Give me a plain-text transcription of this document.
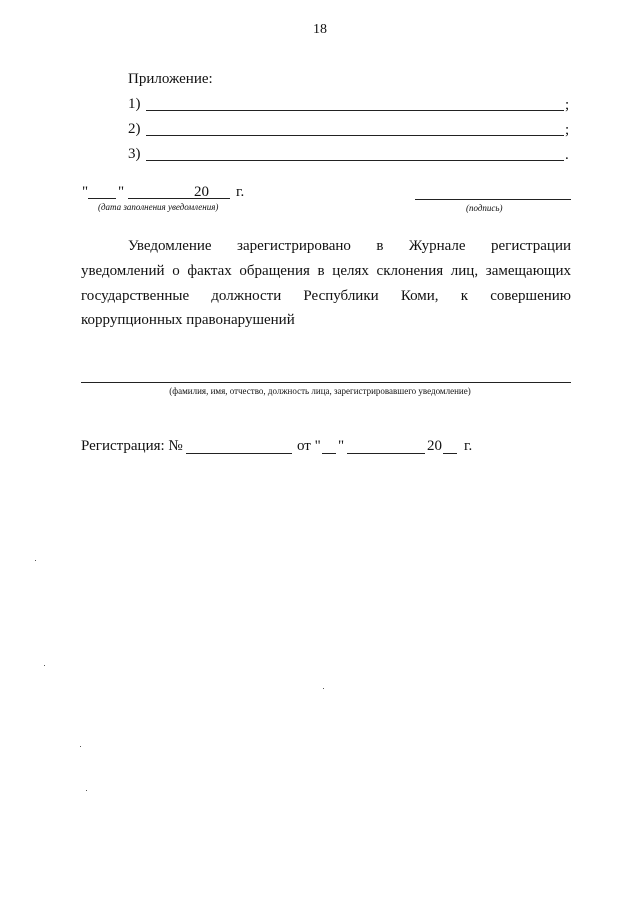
18
Приложение:
1)	;
2)	;
3)	.
" "	20 г.
(дата заполнения уведомления)	(подпись)
Уведомление зарегистрировано в Журнале регистрации
уведомлений о фактах обращения в целях склонения лиц, замещающих
государственные должности Республики Коми, к совершению
коррупционных правонарушений
(фамилия, имя, отчество, должность лица, зарегистрировавшего уведомление)
Регистрация: №	от " "	20 г.
